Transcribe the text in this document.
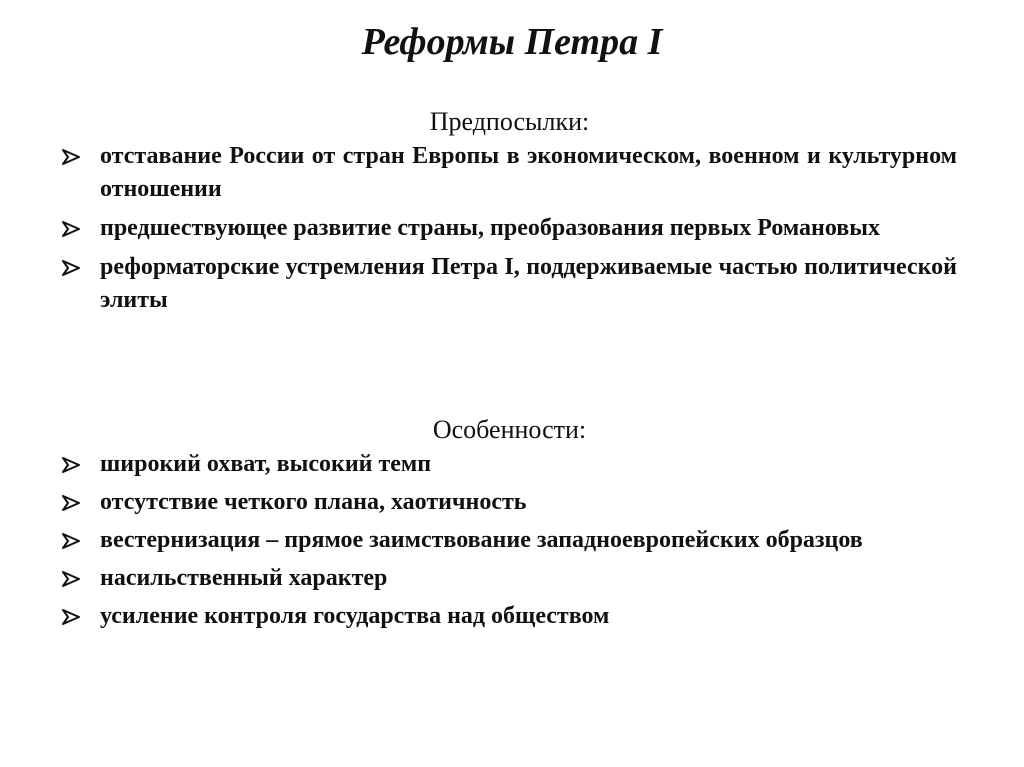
Реформы Петра I
Предпосылки:
отставание России от стран Европы в экономическом, военном и культурном отношении
предшествующее развитие страны, преобразования первых Романовых
реформаторские устремления Петра I, поддерживаемые частью политической элиты
Особенности:
широкий охват, высокий темп
отсутствие четкого плана, хаотичность
вестернизация – прямое заимствование западноевропейских образцов
насильственный характер
усиление контроля государства над обществом
